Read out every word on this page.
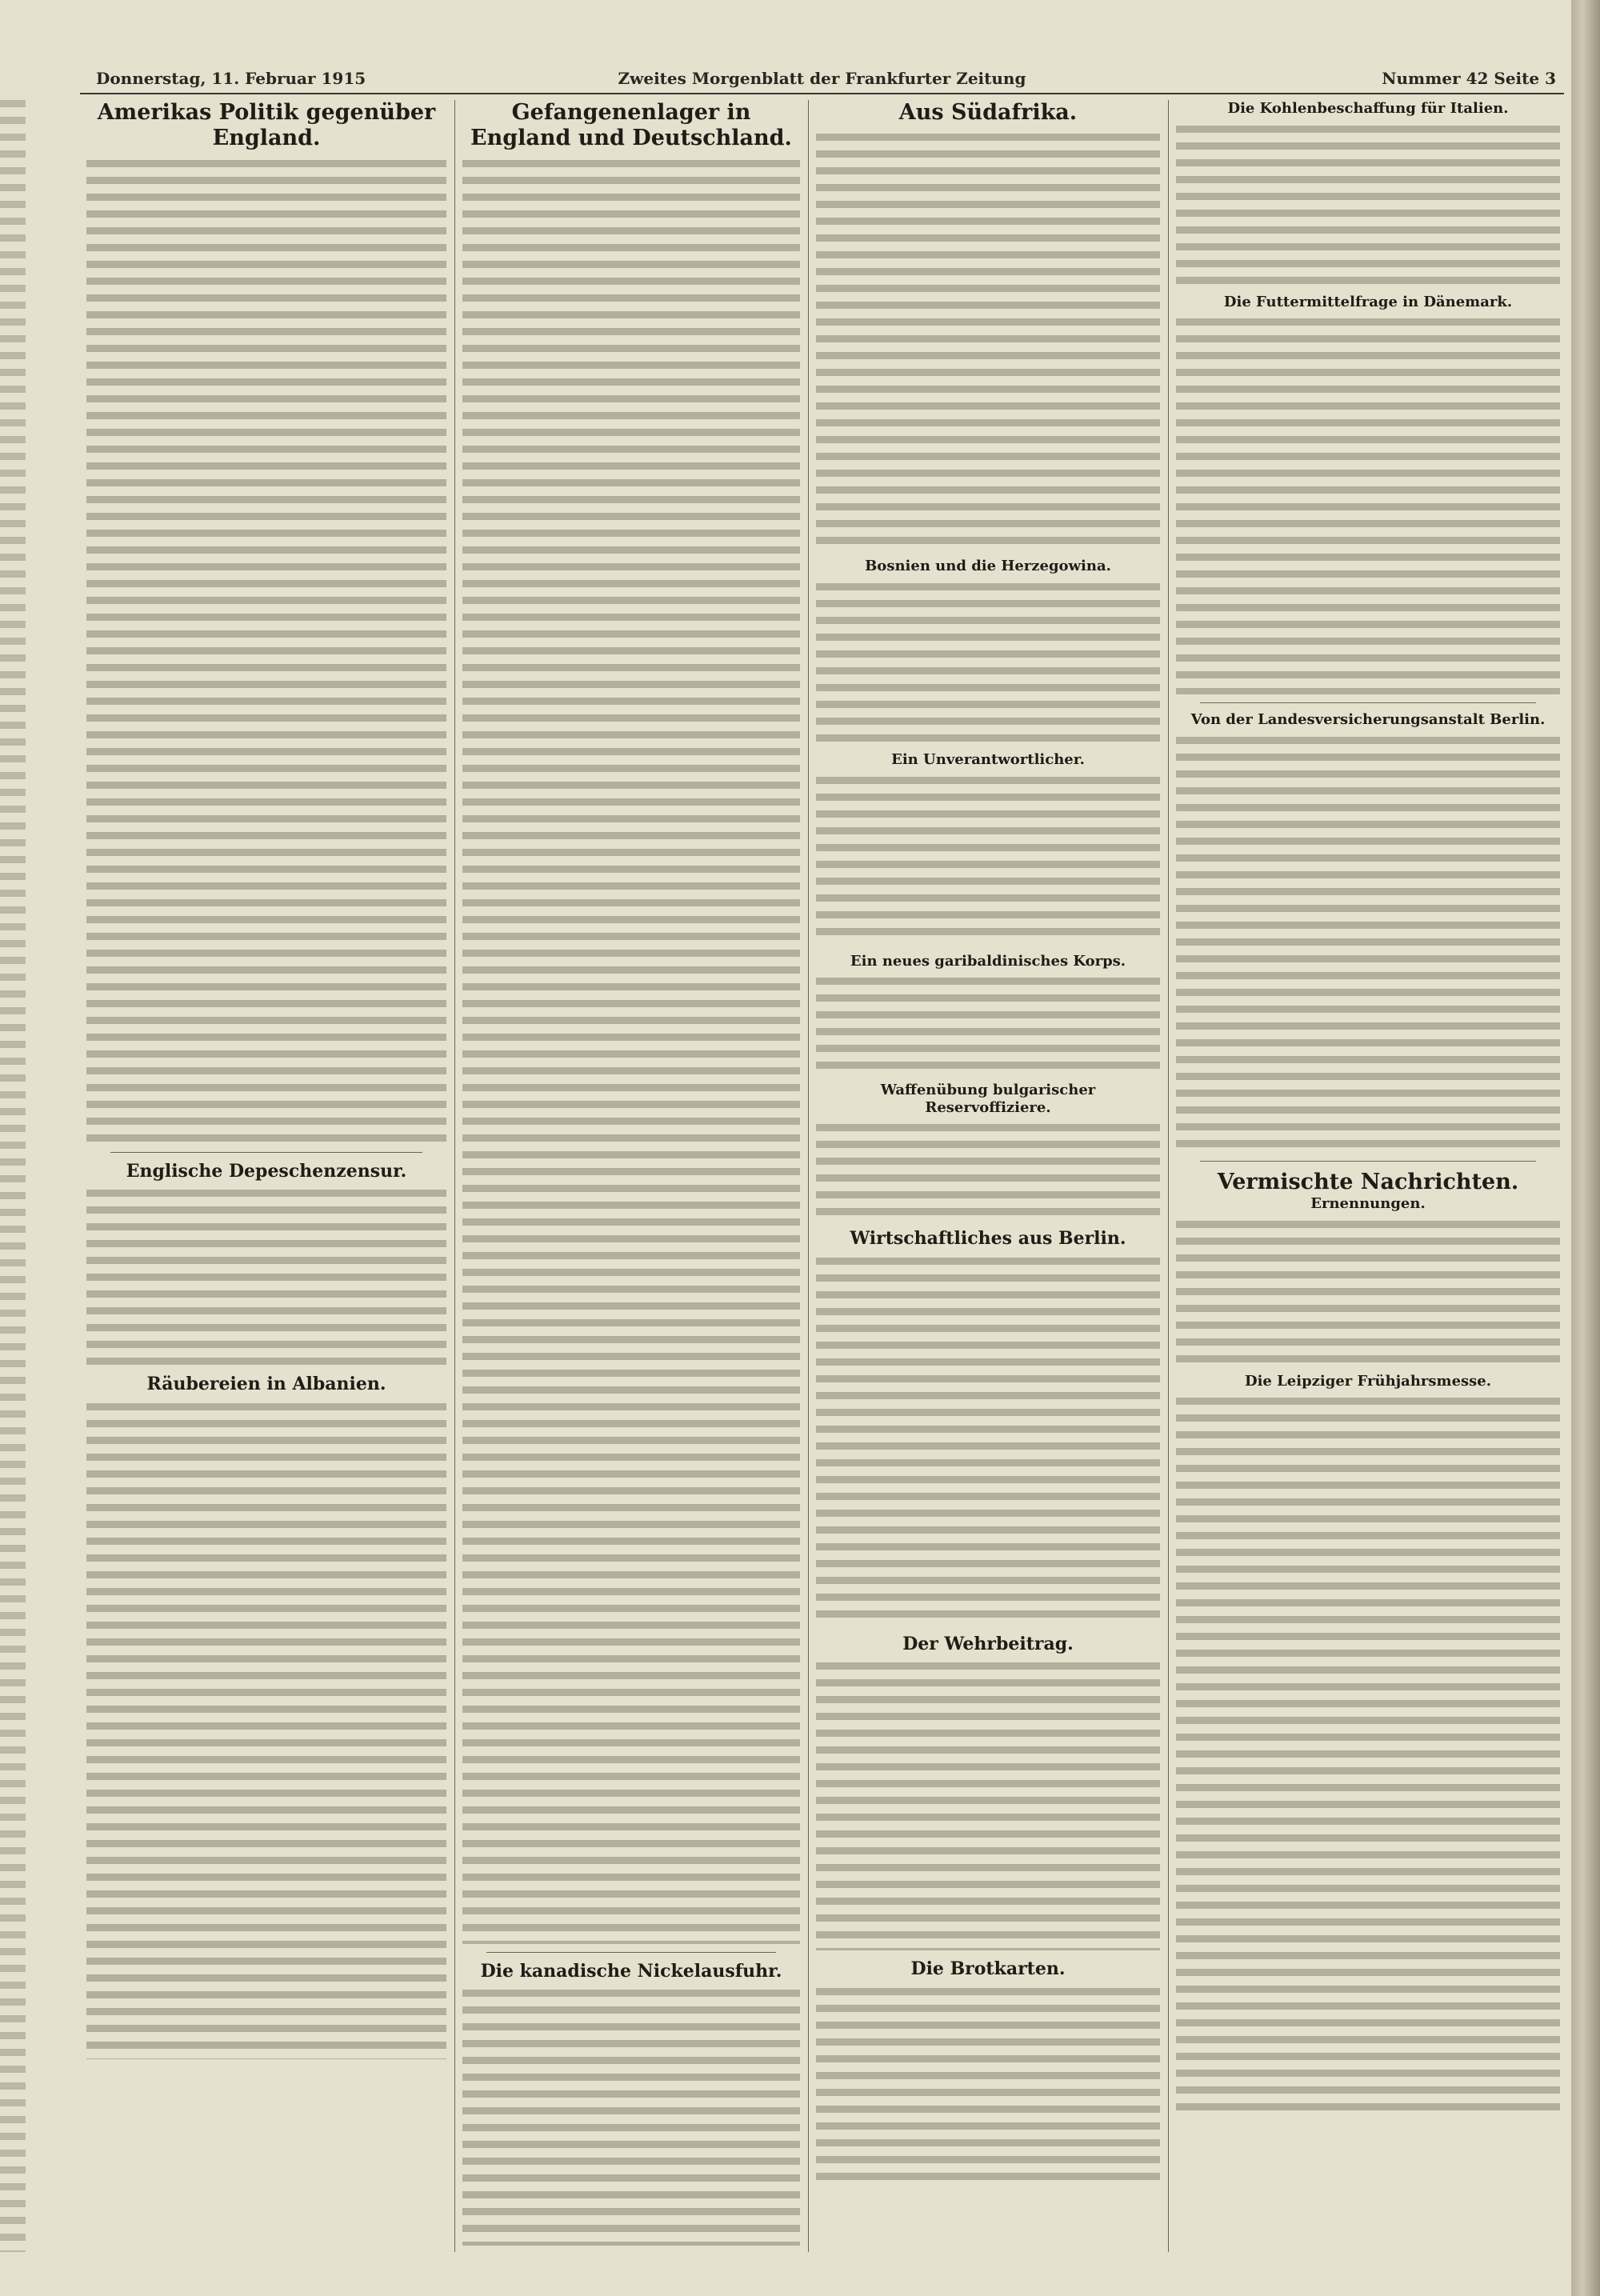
Donnerstag, 11. Februar 1915	Zweites Morgenblatt der Frankfurter Zeitung	Nummer 42 Seite 3
Amerikas Politik gegenüber England.
Englische Depeschenzensur.
Räubereien in Albanien.
Gefangenenlager in England und Deutschland.
Die kanadische Nickelausfuhr.
Aus Südafrika.
Bosnien und die Herzegowina.
Ein Unverantwortlicher.
Ein neues garibaldinisches Korps.
Waffenübung bulgarischer Reservoffiziere.
Wirtschaftliches aus Berlin.
Der Wehrbeitrag.
Die Brotkarten.
Die Kohlenbeschaffung für Italien.
Die Futtermittelfrage in Dänemark.
Von der Landesversicherungsanstalt Berlin.
Vermischte Nachrichten.
Ernennungen.
Die Leipziger Frühjahrsmesse.
